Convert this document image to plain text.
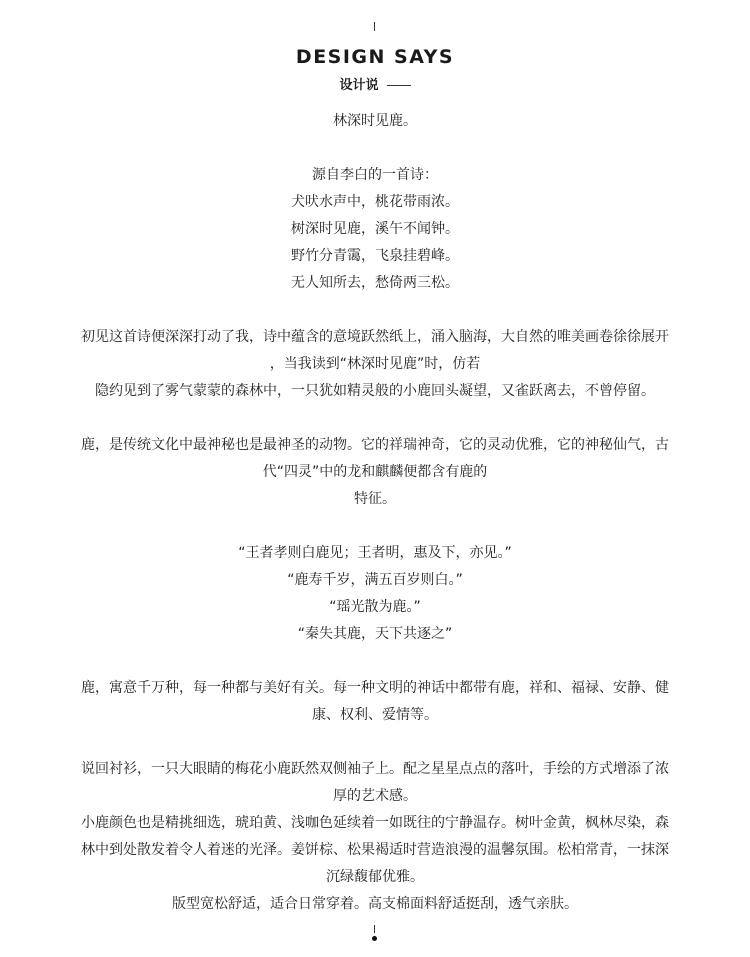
DESIGN SAYS
设计说

林深时见鹿。

源自李白的一首诗：

犬吠水声中，桃花带雨浓。

树深时见鹿，溪午不闻钟。

野竹分青霭，飞泉挂碧峰。

无人知所去，愁倚两三松。

初见这首诗便深深打动了我，诗中蕴含的意境跃然纸上，涌入脑海，大自然的唯美画卷徐徐展开

，当我读到“林深时见鹿”时，仿若

隐约见到了雾气蒙蒙的森林中，一只犹如精灵般的小鹿回头凝望，又雀跃离去，不曾停留。

鹿，是传统文化中最神秘也是最神圣的动物。它的祥瑞神奇，它的灵动优雅，它的神秘仙气，古

代“四灵”中的龙和麒麟便都含有鹿的

特征。

“王者孝则白鹿见；王者明，惠及下，亦见。”

“鹿寿千岁，满五百岁则白。”

“瑶光散为鹿。”

“秦失其鹿，天下共逐之”

鹿，寓意千万种，每一种都与美好有关。每一种文明的神话中都带有鹿，祥和、福禄、安静、健

康、权利、爱情等。

说回衬衫，一只大眼睛的梅花小鹿跃然双侧袖子上。配之星星点点的落叶，手绘的方式增添了浓

厚的艺术感。

小鹿颜色也是精挑细选，琥珀黄、浅咖色延续着一如既往的宁静温存。树叶金黄，枫林尽染，森

林中到处散发着令人着迷的光泽。姜饼棕、松果褐适时营造浪漫的温馨氛围。松柏常青，一抹深

沉绿馥郁优雅。

版型宽松舒适，适合日常穿着。高支棉面料舒适挺刮，透气亲肤。
